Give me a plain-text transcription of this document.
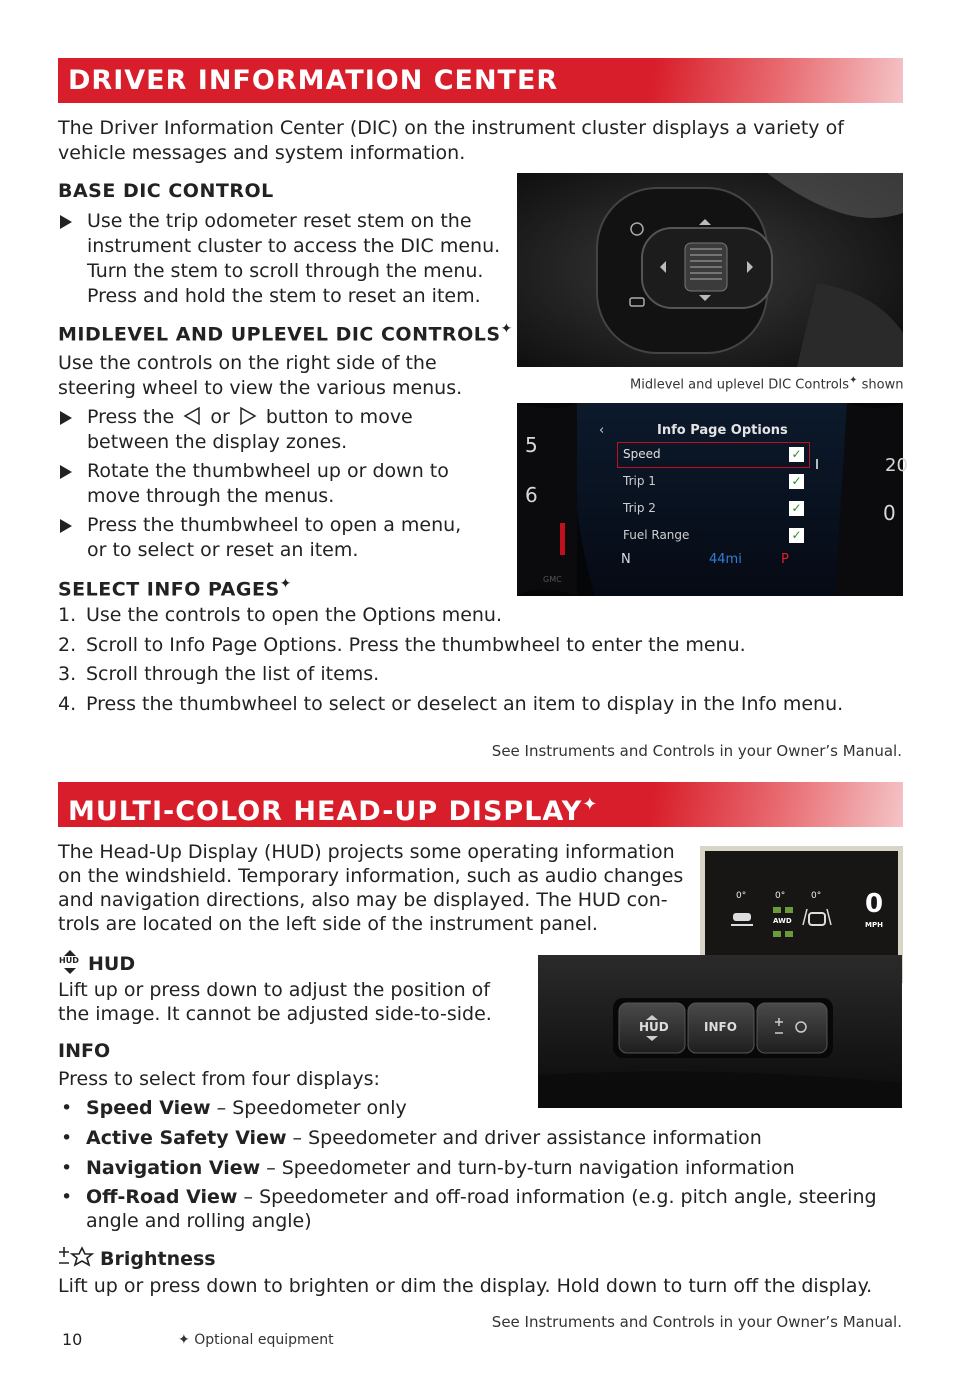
DRIVER INFORMATION CENTER

The Driver Information Center (DIC) on the instrument cluster displays a variety of

vehicle messages and system information.

BASE DIC CONTROL
Use the trip odometer reset stem on the
instrument cluster to access the DIC menu.
Turn the stem to scroll through the menu.
Press and hold the stem to reset an item.
MIDLEVEL AND UPLEVEL DIC CONTROLS✦

Use the controls on the right side of the

steering wheel to view the various menus.

Press the or button to move
between the display zones.
Rotate the thumbwheel up or down to
move through the menus.
Press the thumbwheel to open a menu,
or to select or reset an item.
Midlevel and uplevel DIC Controls✦ shown
5
6
20
0
‹	Info Page Options
Speed
Trip 1
Trip 2
Fuel Range
✓
✓
✓
✓
N	44mi	P
GMC
SELECT INFO PAGES✦
1. Use the controls to open the Options menu.
2. Scroll to Info Page Options. Press the thumbwheel to enter the menu.
3. Scroll through the list of items.
4. Press the thumbwheel to select or deselect an item to display in the Info menu.
See Instruments and Controls in your Owner’s Manual.
MULTI-COLOR HEAD-UP DISPLAY✦

The Head-Up Display (HUD) projects some operating information

on the windshield. Temporary information, such as audio changes

and navigation directions, also may be displayed. The HUD con-

trols are located on the left side of the instrument panel.

0°	0°	0°
AWD
0
MPH
HUD	INFO
HUD HUD

Lift up or press down to adjust the position of

the image. It cannot be adjusted side-to-side.

INFO

Press to select from four displays:

• Speed View – Speedometer only
• Active Safety View – Speedometer and driver assistance information
• Navigation View – Speedometer and turn-by-turn navigation information
• Off-Road View – Speedometer and off-road information (e.g. pitch angle, steering

angle and rolling angle)

Brightness

Lift up or press down to brighten or dim the display. Hold down to turn off the display.

See Instruments and Controls in your Owner’s Manual.
10	✦ Optional equipment
